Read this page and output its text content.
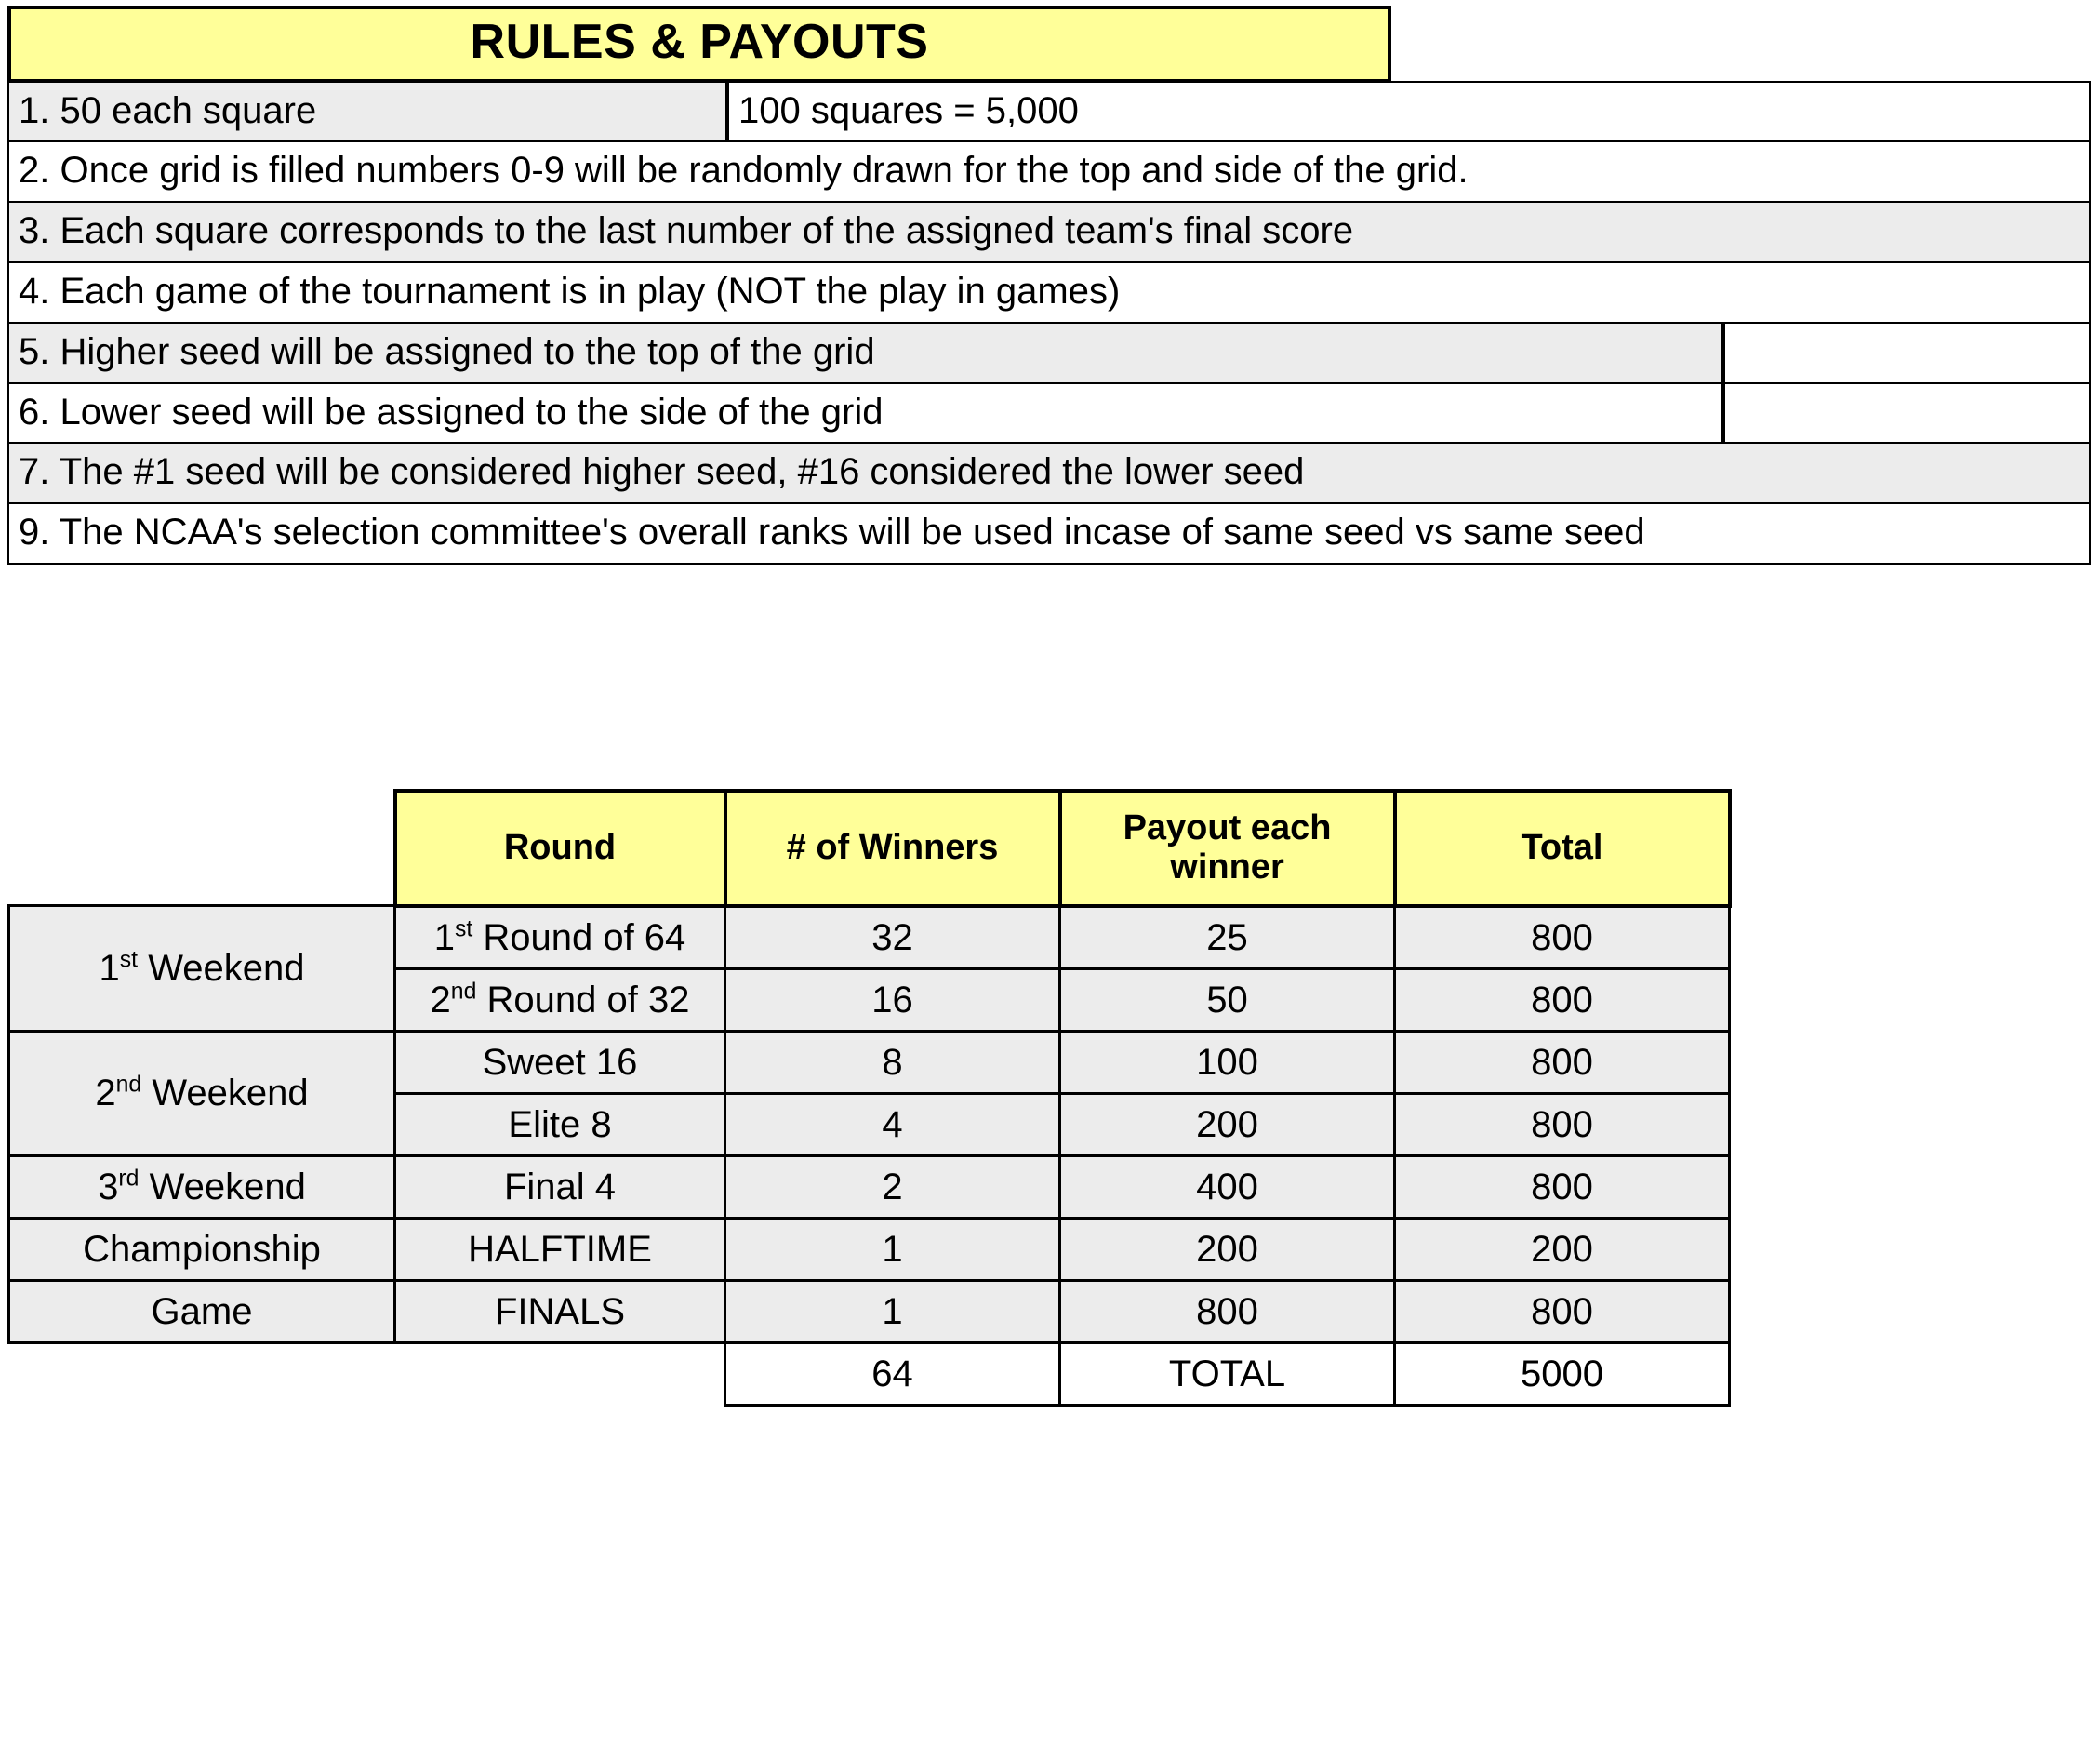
RULES & PAYOUTS
1. 50 each square	100 squares = 5,000
2. Once grid is filled numbers 0-9 will be randomly drawn for the top and side of the grid.
3. Each square corresponds to the last number of the assigned team's final score
4. Each game of the tournament is in play (NOT the play in games)
5. Higher seed will be assigned to the top of the grid
6. Lower seed will be assigned to the side of the grid
7. The #1 seed will be considered higher seed, #16 considered the lower seed
9. The NCAA's selection committee's overall ranks will be used incase of same seed vs same seed
	Round	# of Winners	Payout each winner	Total
1st Weekend	1st Round of 64	32	25	800
	2nd Round of 32	16	50	800
2nd Weekend	Sweet 16	8	100	800
	Elite 8	4	200	800
3rd Weekend	Final 4	2	400	800
Championship	HALFTIME	1	200	200
Game	FINALS	1	800	800
		64	TOTAL	5000
